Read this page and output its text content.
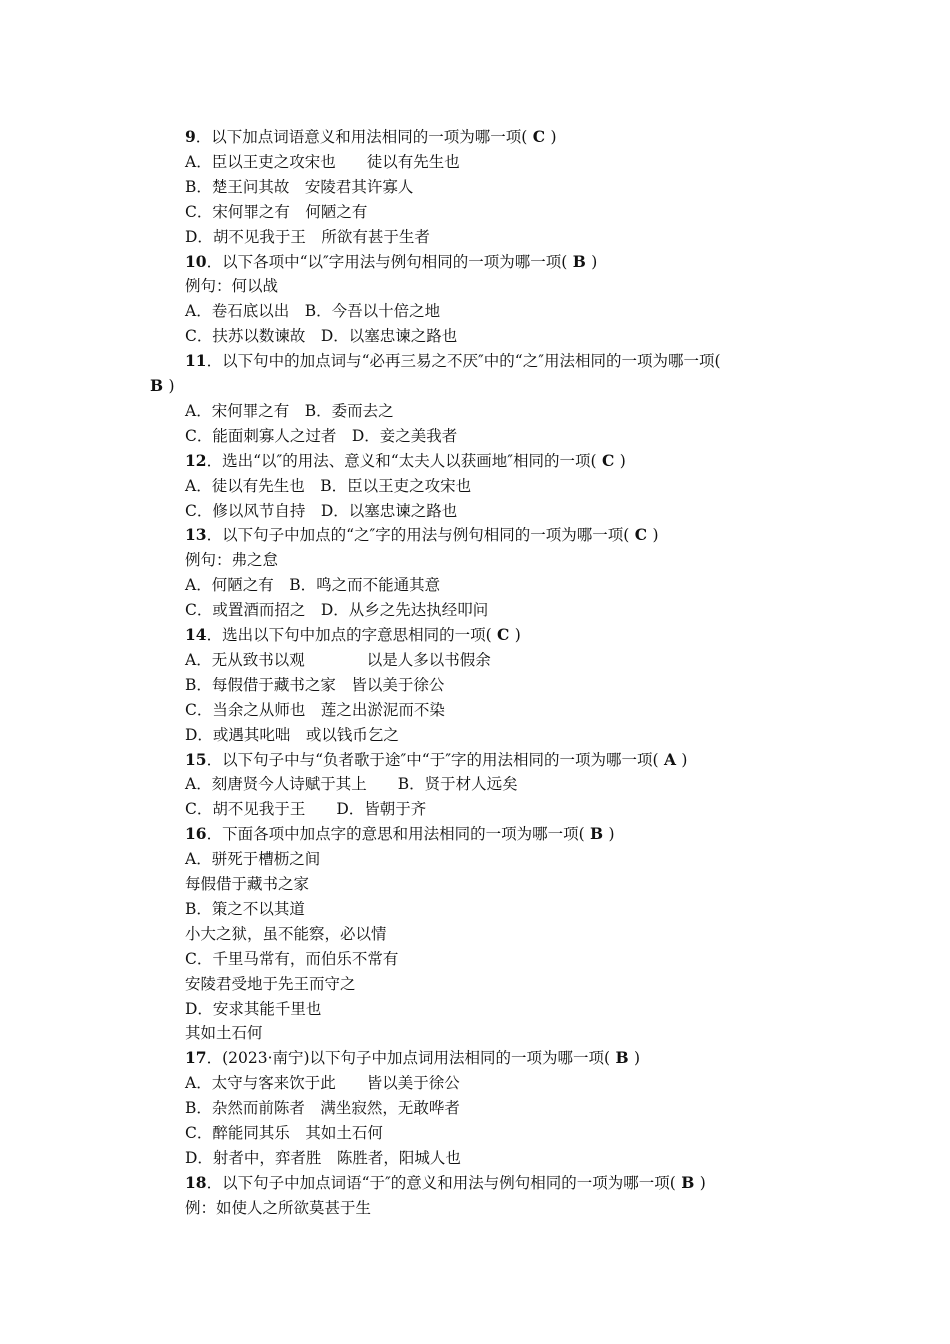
9．以下加点词语意义和用法相同的一项为哪一项( C )
A．臣以王吏之攻宋也　　徒以有先生也
B．楚王问其故　安陵君其许寡人
C．宋何罪之有　何陋之有
D．胡不见我于王　所欲有甚于生者
10．以下各项中“以″字用法与例句相同的一项为哪一项( B )
例句：何以战
A．卷石底以出　B．今吾以十倍之地
C．扶苏以数谏故　D．以塞忠谏之路也
11．以下句中的加点词与“必再三易之不厌″中的“之″用法相同的一项为哪一项(
B )
A．宋何罪之有　B．委而去之
C．能面刺寡人之过者　D．妾之美我者
12．选出“以″的用法、意义和“太夫人以获画地″相同的一项( C )
A．徒以有先生也　B．臣以王吏之攻宋也
C．修以风节自持　D．以塞忠谏之路也
13．以下句子中加点的“之″字的用法与例句相同的一项为哪一项( C )
例句：弗之怠
A．何陋之有　B．鸣之而不能通其意
C．或置酒而招之　D．从乡之先达执经叩问
14．选出以下句中加点的字意思相同的一项( C )
A．无从致书以观　　　　以是人多以书假余
B．每假借于藏书之家　皆以美于徐公
C．当余之从师也　莲之出淤泥而不染
D．或遇其叱咄　或以钱币乞之
15．以下句子中与“负者歌于途″中“于″字的用法相同的一项为哪一项( A )
A．刻唐贤今人诗赋于其上　　B．贤于材人远矣
C．胡不见我于王　　D．皆朝于齐
16．下面各项中加点字的意思和用法相同的一项为哪一项( B )
A．骈死于槽枥之间
每假借于藏书之家
B．策之不以其道
小大之狱，虽不能察，必以情
C．千里马常有，而伯乐不常有
安陵君受地于先王而守之
D．安求其能千里也
其如土石何
17．(2023·南宁)以下句子中加点词用法相同的一项为哪一项( B )
A．太守与客来饮于此　　皆以美于徐公
B．杂然而前陈者　满坐寂然，无敢哗者
C．醉能同其乐　其如土石何
D．射者中，弈者胜　陈胜者，阳城人也
18．以下句子中加点词语“于″的意义和用法与例句相同的一项为哪一项( B )
例：如使人之所欲莫甚于生
